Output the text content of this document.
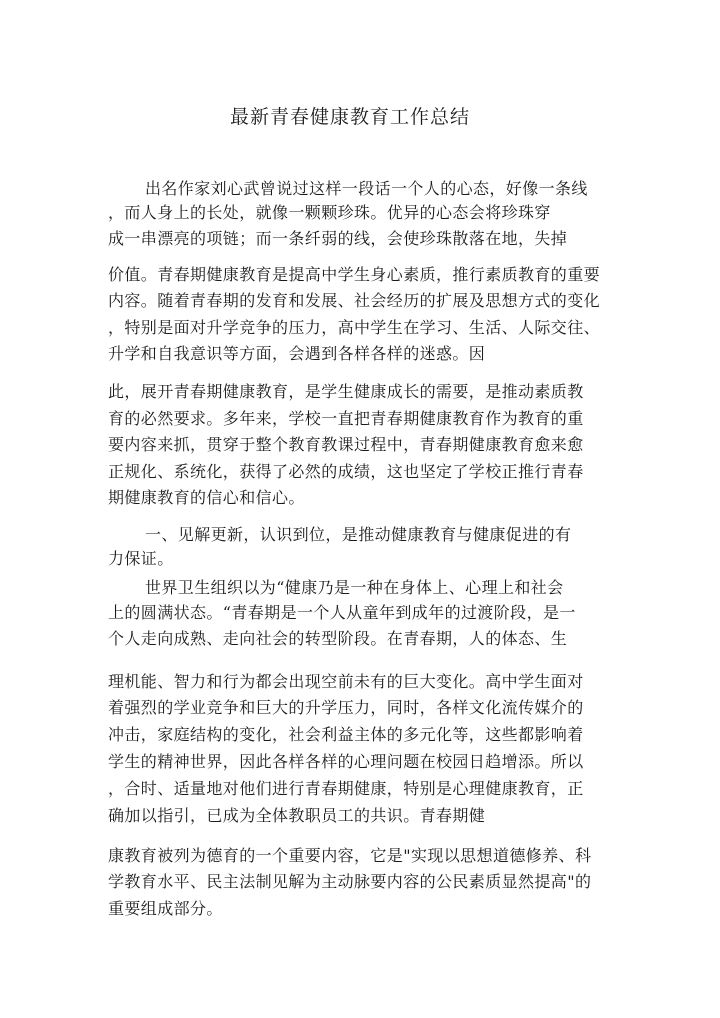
最新青春健康教育工作总结
出名作家刘心武曾说过这样一段话一个人的心态，好像一条线
，而人身上的长处，就像一颗颗珍珠。优异的心态会将珍珠穿
成一串漂亮的项链；而一条纤弱的线，会使珍珠散落在地，失掉
价值。青春期健康教育是提高中学生身心素质，推行素质教育的重要
内容。随着青春期的发育和发展、社会经历的扩展及思想方式的变化
，特别是面对升学竞争的压力，高中学生在学习、生活、人际交往、
升学和自我意识等方面，会遇到各样各样的迷惑。因
此，展开青春期健康教育，是学生健康成长的需要，是推动素质教
育的必然要求。多年来，学校一直把青春期健康教育作为教育的重
要内容来抓，贯穿于整个教育教课过程中，青春期健康教育愈来愈
正规化、系统化，获得了必然的成绩，这也坚定了学校正推行青春
期健康教育的信心和信心。
一、见解更新，认识到位，是推动健康教育与健康促进的有
力保证。
世界卫生组织以为“健康乃是一种在身体上、心理上和社会
上的圆满状态。“青春期是一个人从童年到成年的过渡阶段，是一
个人走向成熟、走向社会的转型阶段。在青春期，人的体态、生
理机能、智力和行为都会出现空前未有的巨大变化。高中学生面对
着强烈的学业竞争和巨大的升学压力，同时，各样文化流传媒介的
冲击，家庭结构的变化，社会利益主体的多元化等，这些都影响着
学生的精神世界，因此各样各样的心理问题在校园日趋增添。所以
，合时、适量地对他们进行青春期健康，特别是心理健康教育，正
确加以指引，已成为全体教职员工的共识。青春期健
康教育被列为德育的一个重要内容，它是"实现以思想道德修养、科
学教育水平、民主法制见解为主动脉要内容的公民素质显然提高"的
重要组成部分。
